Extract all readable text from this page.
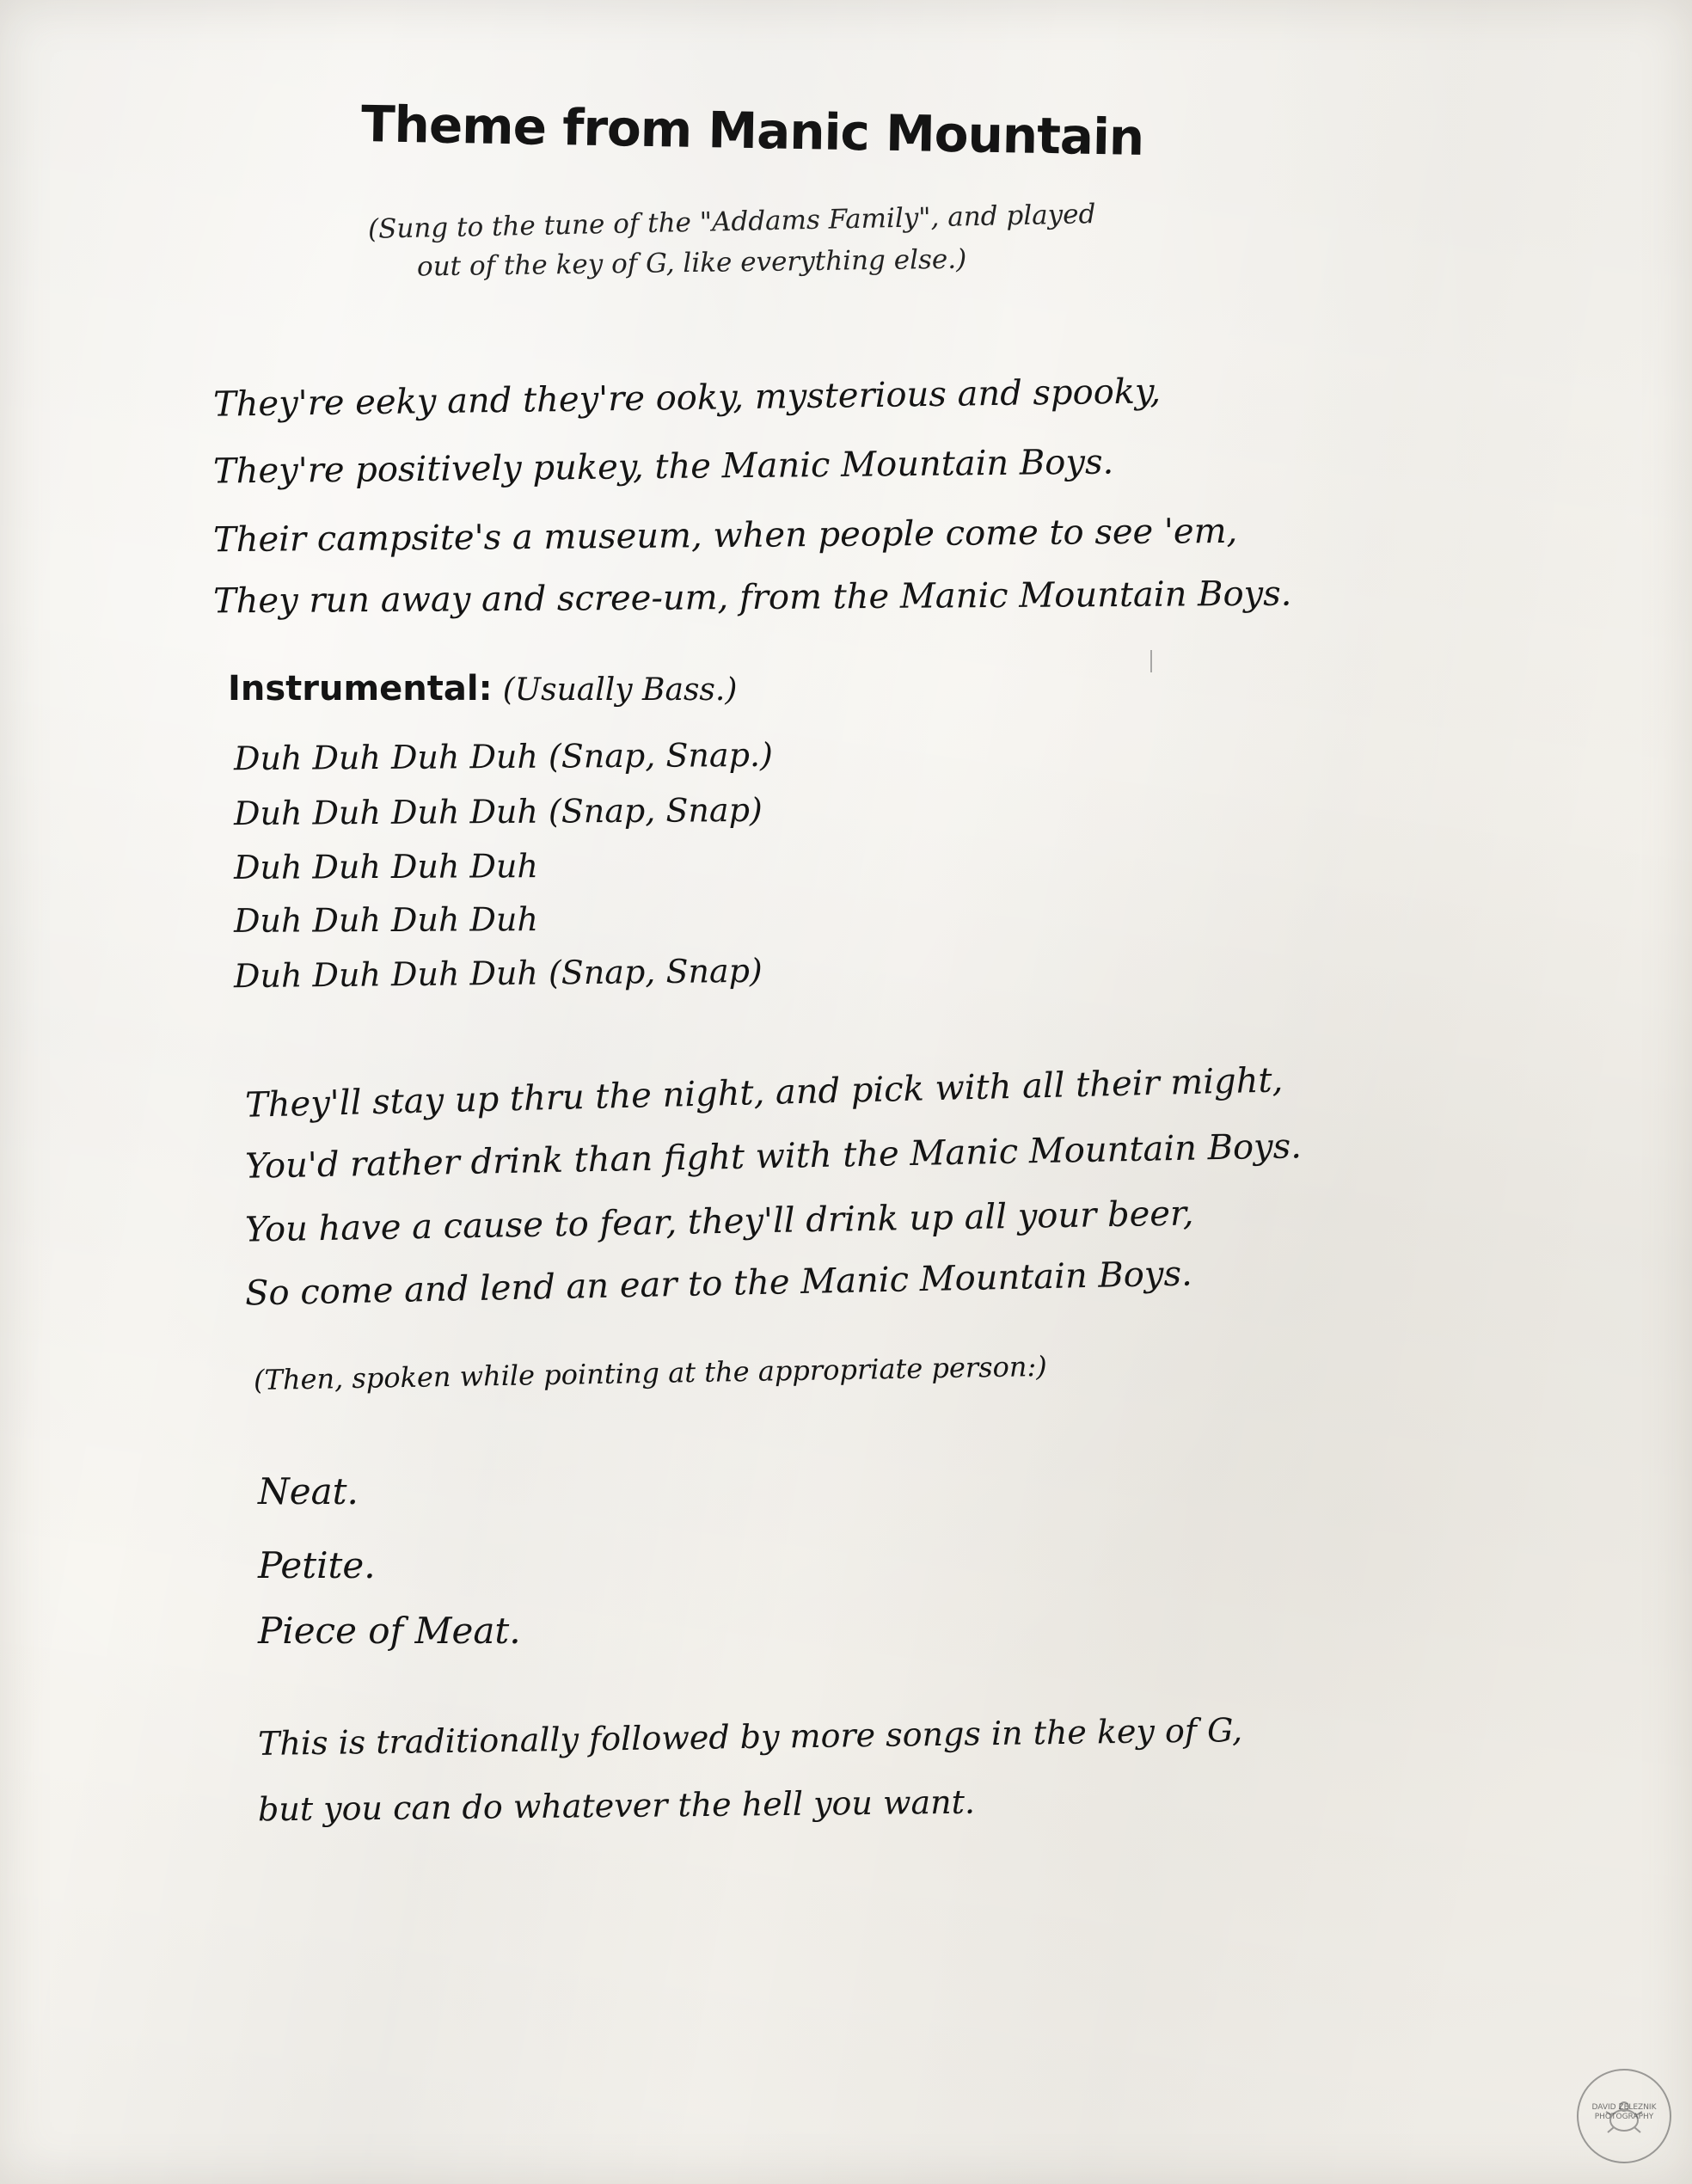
Theme from Manic Mountain

(Sung to the tune of the "Addams Family", and played

out of the key of G, like everything else.)

They're eeky and they're ooky, mysterious and spooky,

They're positively pukey, the Manic Mountain Boys.

Their campsite's a museum, when people come to see 'em,

They run away and scree-um, from the Manic Mountain Boys.

Instrumental: (Usually Bass.)

Duh Duh Duh Duh (Snap, Snap.)

Duh Duh Duh Duh (Snap, Snap)

Duh Duh Duh Duh

Duh Duh Duh Duh

Duh Duh Duh Duh (Snap, Snap)

They'll stay up thru the night, and pick with all their might,

You'd rather drink than fight with the Manic Mountain Boys.

You have a cause to fear, they'll drink up all your beer,

So come and lend an ear to the Manic Mountain Boys.

(Then, spoken while pointing at the appropriate person:)

Neat.

Petite.

Piece of Meat.

This is traditionally followed by more songs in the key of G,

but you can do whatever the hell you want.

DAVID ZELEZNIK PHOTOGRAPHY
